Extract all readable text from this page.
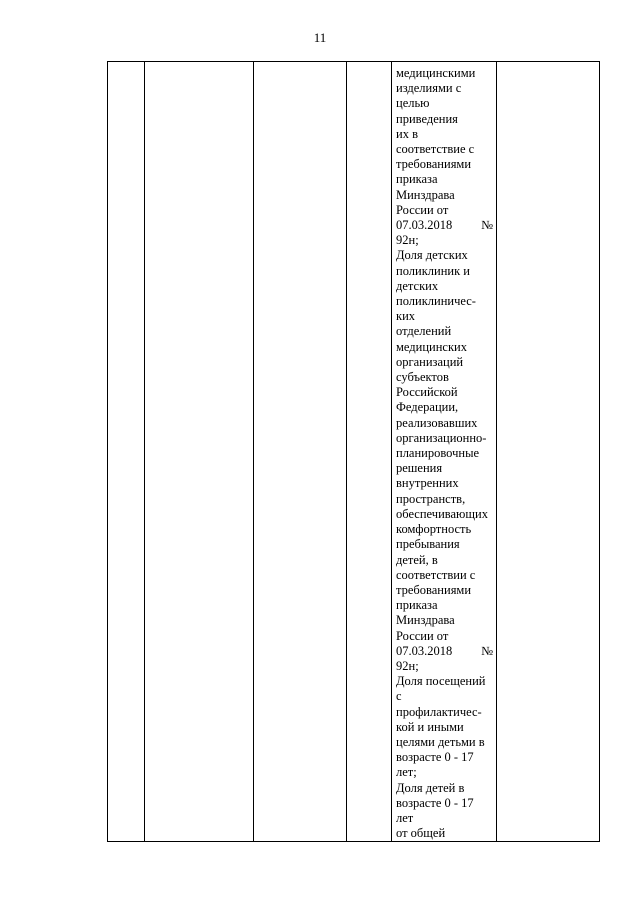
11

медицинскими
изделиями с
целью
приведения
их в
соответствие с
требованиями
приказа
Минздрава
России от
07.03.2018 №
92н;
Доля детских
поликлиник и
детских
поликлиничес-
ких
отделений
медицинских
организаций
субъектов
Российской
Федерации,
реализовавших
организационно-
планировочные
решения
внутренних
пространств,
обеспечивающих
комфортность
пребывания
детей, в
соответствии с
требованиями
приказа
Минздрава
России от
07.03.2018 №
92н;
Доля посещений
с
профилактичес-
кой и иными
целями детьми в
возрасте 0 - 17
лет;
Доля детей в
возрасте 0 - 17
лет
от общей
